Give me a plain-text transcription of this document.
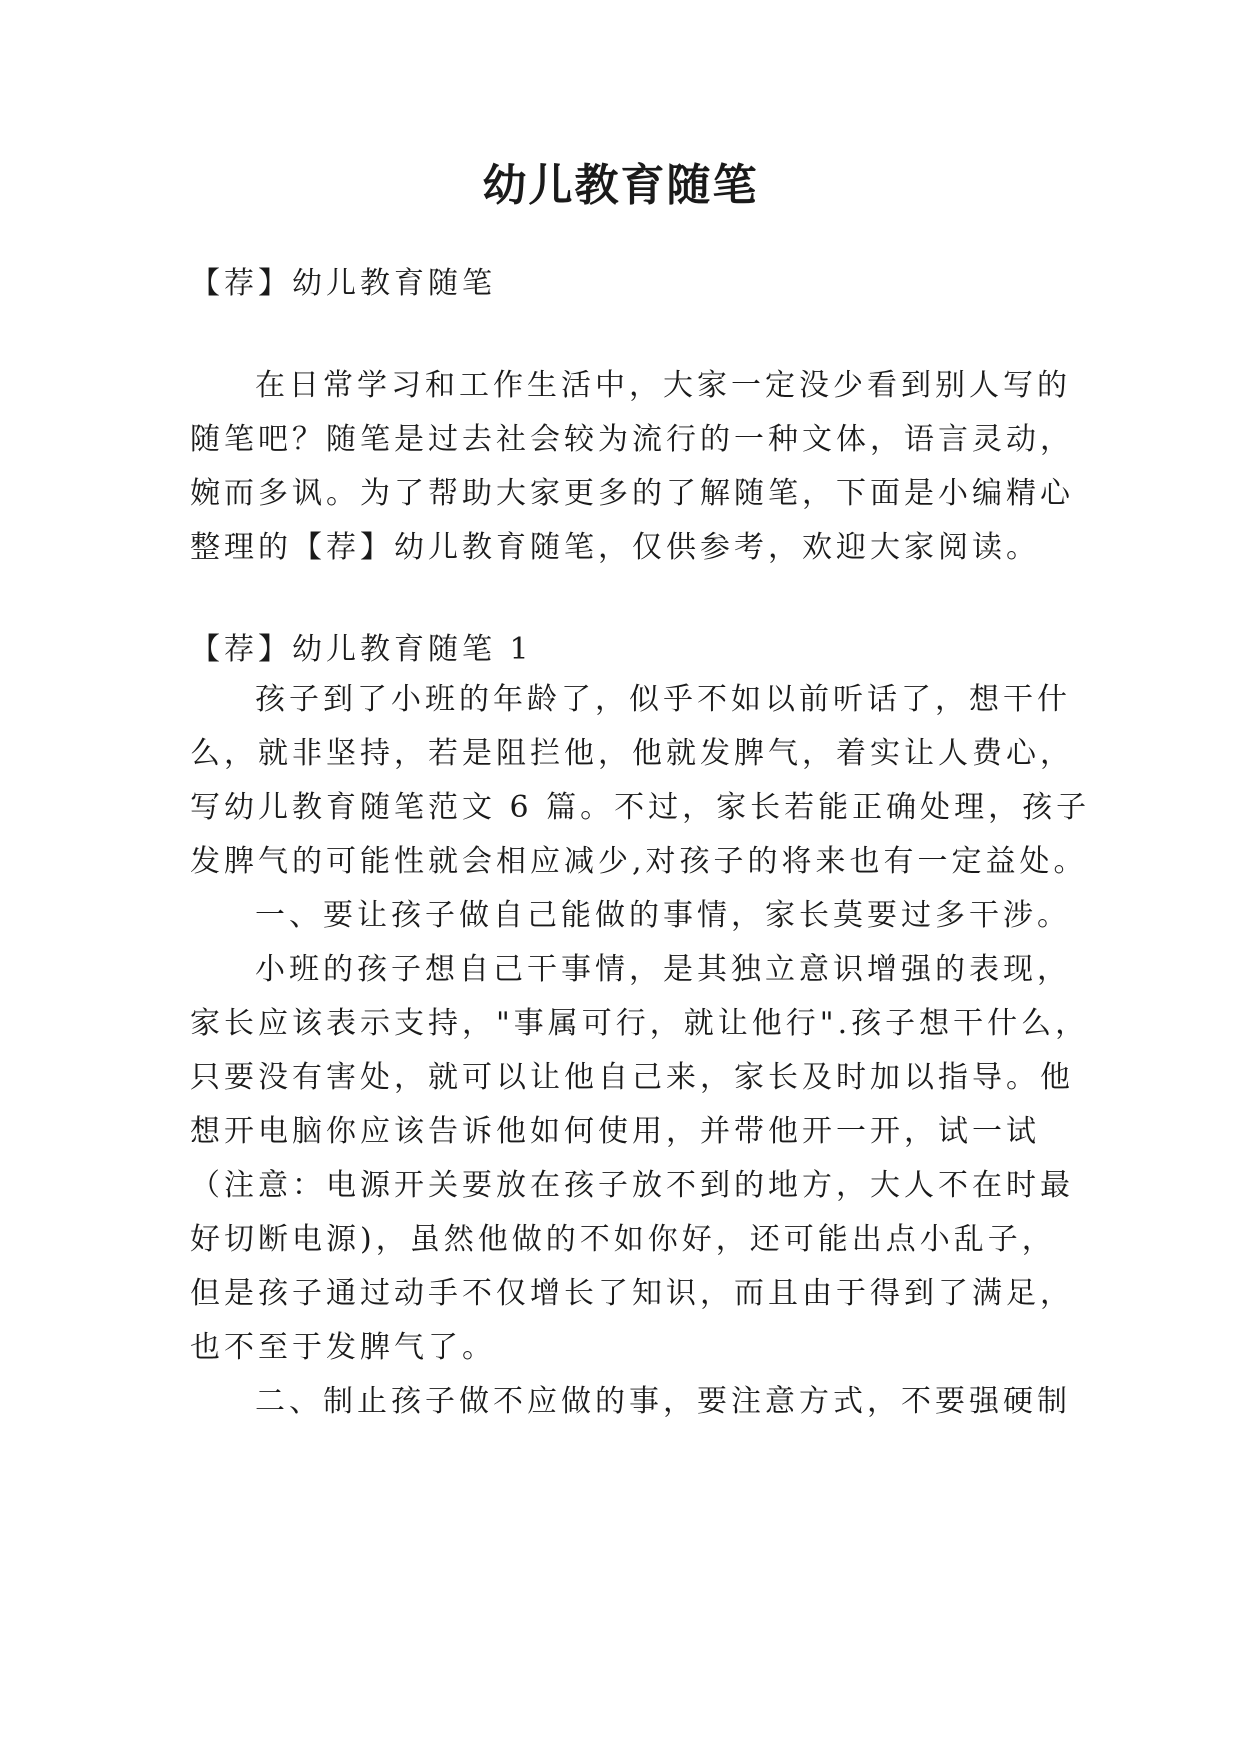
幼儿教育随笔
【荐】幼儿教育随笔
在日常学习和工作生活中，大家一定没少看到别人写的
随笔吧？随笔是过去社会较为流行的一种文体，语言灵动，
婉而多讽。为了帮助大家更多的了解随笔，下面是小编精心
整理的【荐】幼儿教育随笔，仅供参考，欢迎大家阅读。
【荐】幼儿教育随笔 1
孩子到了小班的年龄了，似乎不如以前听话了，想干什
么，就非坚持，若是阻拦他，他就发脾气，着实让人费心，
写幼儿教育随笔范文 6 篇。不过，家长若能正确处理，孩子
发脾气的可能性就会相应减少,对孩子的将来也有一定益处。
一、要让孩子做自己能做的事情，家长莫要过多干涉。
小班的孩子想自己干事情，是其独立意识增强的表现，
家长应该表示支持，"事属可行，就让他行".孩子想干什么，
只要没有害处，就可以让他自己来，家长及时加以指导。他
想开电脑你应该告诉他如何使用，并带他开一开，试一试
（注意：电源开关要放在孩子放不到的地方，大人不在时最
好切断电源)，虽然他做的不如你好，还可能出点小乱子，
但是孩子通过动手不仅增长了知识，而且由于得到了满足，
也不至于发脾气了。
二、制止孩子做不应做的事，要注意方式，不要强硬制
